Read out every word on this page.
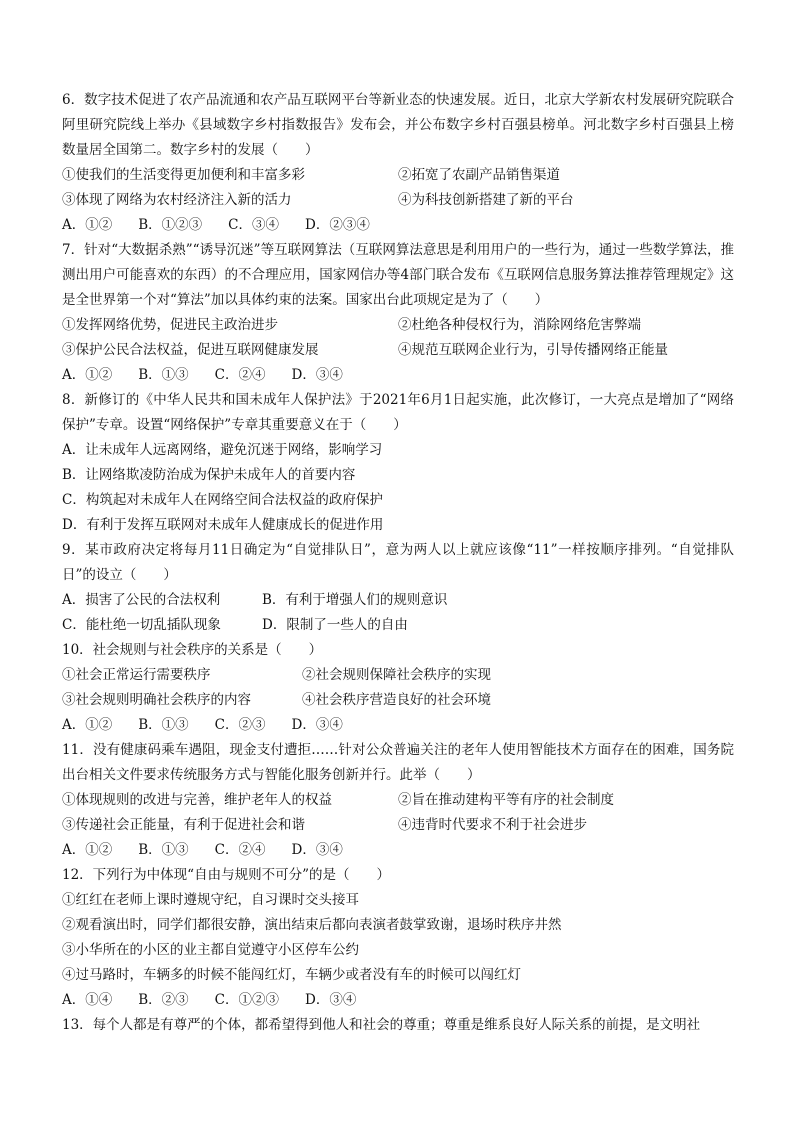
6．数字技术促进了农产品流通和农产品互联网平台等新业态的快速发展。近日，北京大学新农村发展研究院联合阿里研究院线上举办《县域数字乡村指数报告》发布会，并公布数字乡村百强县榜单。河北数字乡村百强县上榜数量居全国第二。数字乡村的发展（　　）

①使我们的生活变得更加便利和丰富多彩	②拓宽了农副产品销售渠道
③体现了网络为农村经济注入新的活力	④为科技创新搭建了新的平台
A．①② B．①②③ C．③④ D．②③④

7．针对“大数据杀熟”“诱导沉迷”等互联网算法（互联网算法意思是利用用户的一些行为，通过一些数学算法，推测出用户可能喜欢的东西）的不合理应用，国家网信办等4部门联合发布《互联网信息服务算法推荐管理规定》这是全世界第一个对“算法”加以具体约束的法案。国家出台此项规定是为了（　　）

①发挥网络优势，促进民主政治进步	②杜绝各种侵权行为，消除网络危害弊端
③保护公民合法权益，促进互联网健康发展	④规范互联网企业行为，引导传播网络正能量
A．①② B．①③ C．②④ D．③④

8．新修订的《中华人民共和国未成年人保护法》于2021年6月1日起实施，此次修订，一大亮点是增加了“网络保护”专章。设置“网络保护”专章其重要意义在于（　　）

A．让未成年人远离网络，避免沉迷于网络，影响学习

B．让网络欺凌防治成为保护未成年人的首要内容

C．构筑起对未成年人在网络空间合法权益的政府保护

D．有利于发挥互联网对未成年人健康成长的促进作用

9．某市政府决定将每月11日确定为“自觉排队日”，意为两人以上就应该像“11”一样按顺序排列。“自觉排队日”的设立（　　）

A．损害了公民的合法权利	B．有利于增强人们的规则意识
C．能杜绝一切乱插队现象	D．限制了一些人的自由

10．社会规则与社会秩序的关系是（　　）

①社会正常运行需要秩序	②社会规则保障社会秩序的实现
③社会规则明确社会秩序的内容	④社会秩序营造良好的社会环境
A．①② B．①③ C．②③ D．③④

11．没有健康码乘车遇阻，现金支付遭拒……针对公众普遍关注的老年人使用智能技术方面存在的困难，国务院出台相关文件要求传统服务方式与智能化服务创新并行。此举（　　）

①体现规则的改进与完善，维护老年人的权益	②旨在推动建构平等有序的社会制度
③传递社会正能量，有利于促进社会和谐	④违背时代要求不利于社会进步
A．①② B．①③ C．②④ D．③④

12．下列行为中体现“自由与规则不可分”的是（　　）

①红红在老师上课时遵规守纪，自习课时交头接耳

②观看演出时，同学们都很安静，演出结束后都向表演者鼓掌致谢，退场时秩序井然

③小华所在的小区的业主都自觉遵守小区停车公约

④过马路时，车辆多的时候不能闯红灯，车辆少或者没有车的时候可以闯红灯

A．①④ B．②③ C．①②③ D．③④

13．每个人都是有尊严的个体，都希望得到他人和社会的尊重；尊重是维系良好人际关系的前提，是文明社
